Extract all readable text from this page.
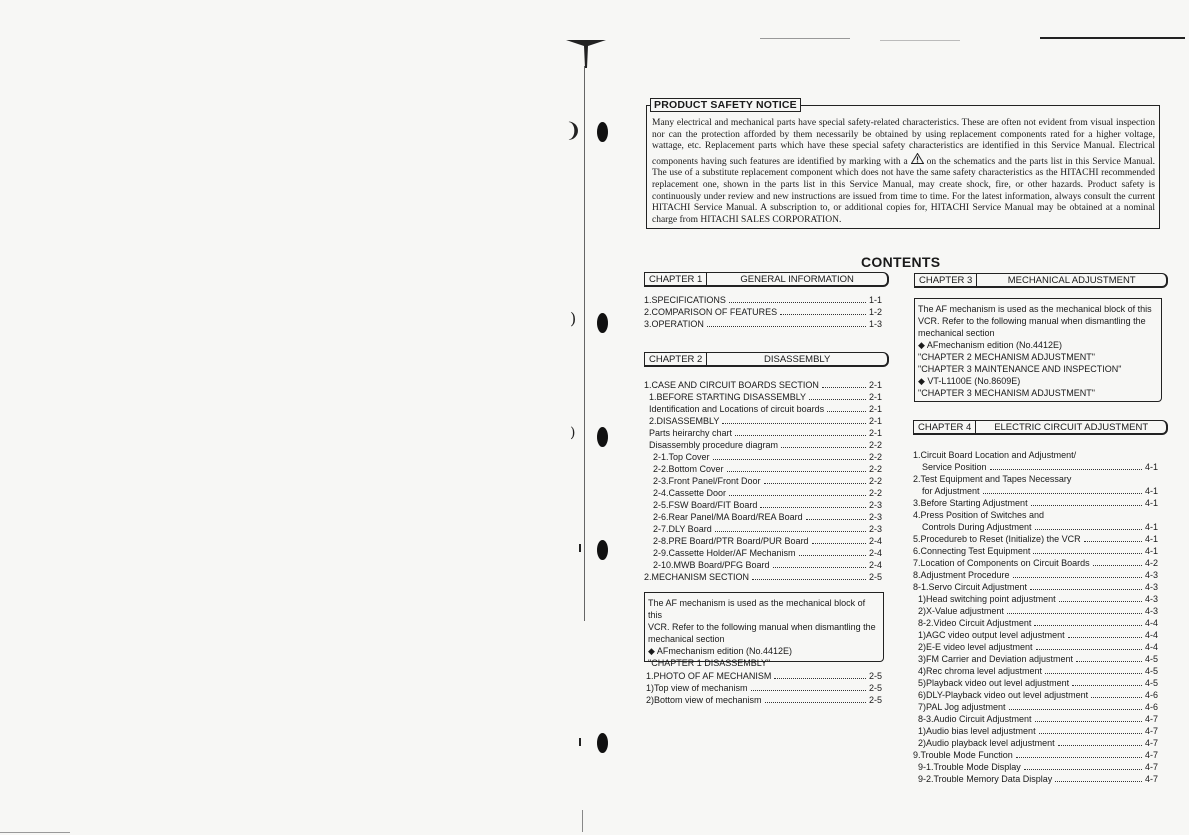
❩
)
)
PRODUCT SAFETY NOTICE
Many electrical and mechanical parts have special safety-related characteristics. These are often not evident from visual inspection nor can the protection afforded by them necessarily be obtained by using replacement components rated for a higher voltage, wattage, etc. Replacement parts which have these special safety characteristics are identified in this Service Manual. Electrical components having such features are identified by marking with a on the schematics and the parts list in this Service Manual. The use of a substitute replacement component which does not have the same safety characteristics as the HITACHI recommended replacement one, shown in the parts list in this Service Manual, may create shock, fire, or other hazards. Product safety is continuously under review and new instructions are issued from time to time. For the latest information, always consult the current HITACHI Service Manual. A subscription to, or additional copies for, HITACHI Service Manual may be obtained at a nominal charge from HITACHI SALES CORPORATION.
CONTENTS
CHAPTER 1	GENERAL INFORMATION
1.SPECIFICATIONS	1-1
2.COMPARISON OF FEATURES	1-2
3.OPERATION	1-3
CHAPTER 2	DISASSEMBLY
1.CASE AND CIRCUIT BOARDS SECTION	2-1
1.BEFORE STARTING DISASSEMBLY	2-1
Identification and Locations of circuit boards	2-1
2.DISASSEMBLY	2-1
Parts heirarchy chart	2-1
Disassembly procedure diagram	2-2
2-1.Top Cover	2-2
2-2.Bottom Cover	2-2
2-3.Front Panel/Front Door	2-2
2-4.Cassette Door	2-2
2-5.FSW Board/FIT Board	2-3
2-6.Rear Panel/MA Board/REA Board	2-3
2-7.DLY Board	2-3
2-8.PRE Board/PTR Board/PUR Board	2-4
2-9.Cassette Holder/AF Mechanism	2-4
2-10.MWB Board/PFG Board	2-4
2.MECHANISM SECTION	2-5
The AF mechanism is used as the mechanical block of this
VCR. Refer to the following manual when dismantling the
mechanical section
◆ AFmechanism edition (No.4412E)
"CHAPTER 1 DISASSEMBLY"
1.PHOTO OF AF MECHANISM	2-5
1)Top view of mechanism	2-5
2)Bottom view of mechanism	2-5
CHAPTER 3	MECHANICAL ADJUSTMENT
The AF mechanism is used as the mechanical block of this
VCR. Refer to the following manual when dismantling the
mechanical section
◆ AFmechanism edition (No.4412E)
"CHAPTER 2 MECHANISM ADJUSTMENT"
"CHAPTER 3 MAINTENANCE AND INSPECTION"
◆ VT-L1100E (No.8609E)
"CHAPTER 3 MECHANISM ADJUSTMENT"
CHAPTER 4	ELECTRIC CIRCUIT ADJUSTMENT
1.Circuit Board Location and Adjustment/
Service Position	4-1
2.Test Equipment and Tapes Necessary
for Adjustment	4-1
3.Before Starting Adjustment	4-1
4.Press Position of Switches and
Controls During Adjustment	4-1
5.Procedureb to Reset (Initialize) the VCR	4-1
6.Connecting Test Equipment	4-1
7.Location of Components on Circuit Boards	4-2
8.Adjustment Procedure	4-3
8-1.Servo Circuit Adjustment	4-3
1)Head switching point adjustment	4-3
2)X-Value adjustment	4-3
8-2.Video Circuit Adjustment	4-4
1)AGC video output level adjustment	4-4
2)E-E video level adjustment	4-4
3)FM Carrier and Deviation adjustment	4-5
4)Rec chroma level adjustment	4-5
5)Playback video out level adjustment	4-5
6)DLY-Playback video out level adjustment	4-6
7)PAL Jog adjustment	4-6
8-3.Audio Circuit Adjustment	4-7
1)Audio bias level adjustment	4-7
2)Audio playback level adjustment	4-7
9.Trouble Mode Function	4-7
9-1.Trouble Mode Display	4-7
9-2.Trouble Memory Data Display	4-7
